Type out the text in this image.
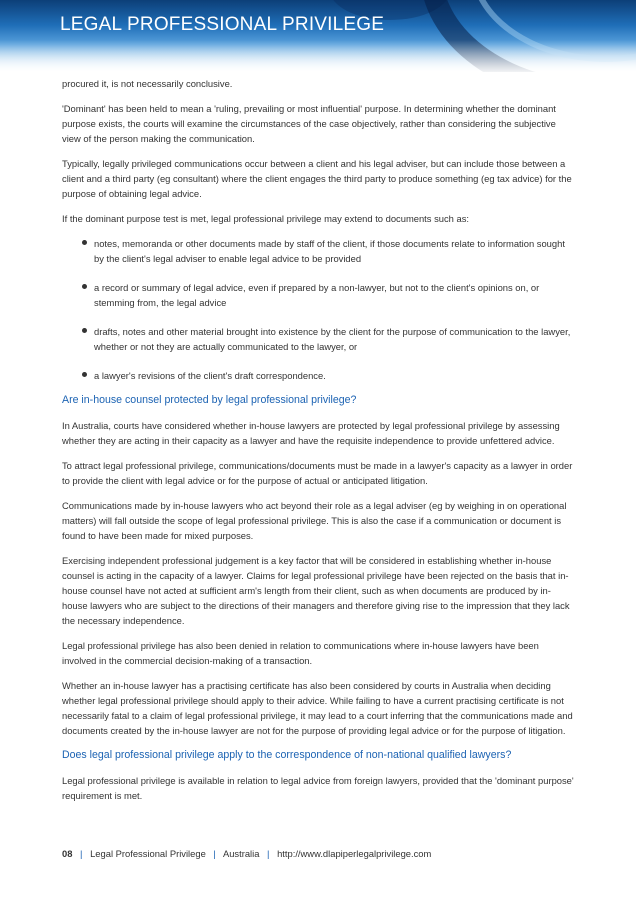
LEGAL PROFESSIONAL PRIVILEGE

procured it, is not necessarily conclusive.

'Dominant' has been held to mean a 'ruling, prevailing or most influential' purpose. In determining whether the dominant purpose exists, the courts will examine the circumstances of the case objectively, rather than considering the subjective view of the person making the communication.

Typically, legally privileged communications occur between a client and his legal adviser, but can include those between a client and a third party (eg consultant) where the client engages the third party to produce something (eg tax advice) for the purpose of obtaining legal advice.

If the dominant purpose test is met, legal professional privilege may extend to documents such as:

notes, memoranda or other documents made by staff of the client, if those documents relate to information sought by the client's legal adviser to enable legal advice to be provided
a record or summary of legal advice, even if prepared by a non-lawyer, but not to the client's opinions on, or stemming from, the legal advice
drafts, notes and other material brought into existence by the client for the purpose of communication to the lawyer, whether or not they are actually communicated to the lawyer, or
a lawyer's revisions of the client's draft correspondence.
Are in-house counsel protected by legal professional privilege?

In Australia, courts have considered whether in-house lawyers are protected by legal professional privilege by assessing whether they are acting in their capacity as a lawyer and have the requisite independence to provide unfettered advice.

To attract legal professional privilege, communications/documents must be made in a lawyer's capacity as a lawyer in order to provide the client with legal advice or for the purpose of actual or anticipated litigation.

Communications made by in-house lawyers who act beyond their role as a legal adviser (eg by weighing in on operational matters) will fall outside the scope of legal professional privilege. This is also the case if a communication or document is found to have been made for mixed purposes.

Exercising independent professional judgement is a key factor that will be considered in establishing whether in-house counsel is acting in the capacity of a lawyer. Claims for legal professional privilege have been rejected on the basis that in-house counsel have not acted at sufficient arm's length from their client, such as when documents are produced by in-house lawyers who are subject to the directions of their managers and therefore giving rise to the impression that they lack the necessary independence.

Legal professional privilege has also been denied in relation to communications where in-house lawyers have been involved in the commercial decision-making of a transaction.

Whether an in-house lawyer has a practising certificate has also been considered by courts in Australia when deciding whether legal professional privilege should apply to their advice. While failing to have a current practising certificate is not necessarily fatal to a claim of legal professional privilege, it may lead to a court inferring that the communications made and documents created by the in-house lawyer are not for the purpose of providing legal advice or for the purpose of litigation.

Does legal professional privilege apply to the correspondence of non-national qualified lawyers?

Legal professional privilege is available in relation to legal advice from foreign lawyers, provided that the 'dominant purpose' requirement is met.

08 | Legal Professional Privilege | Australia | http://www.dlapiperlegalprivilege.com
